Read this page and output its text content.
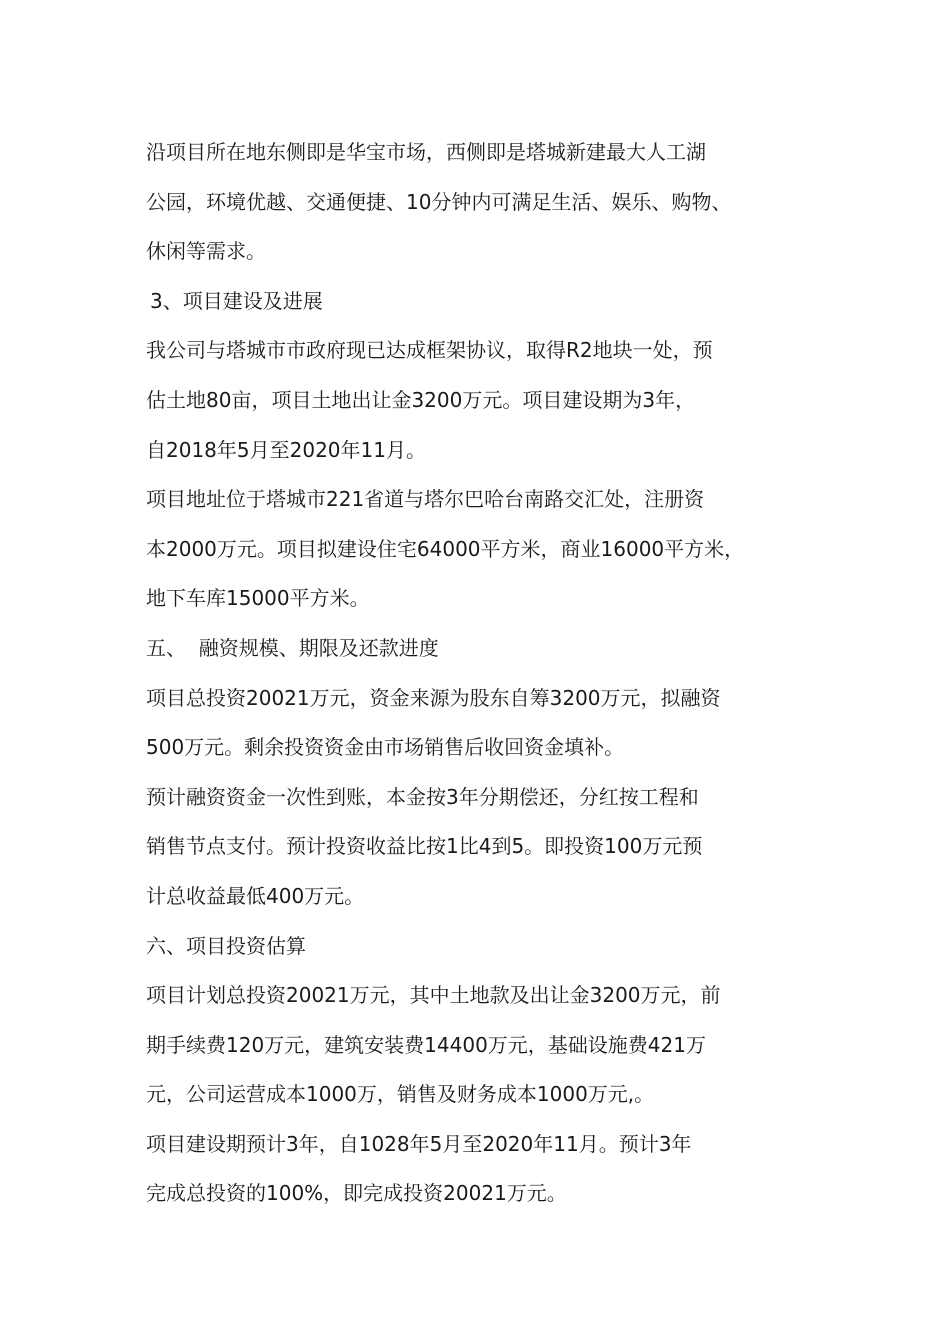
沿项目所在地东侧即是华宝市场，西侧即是塔城新建最大人工湖
公园，环境优越、交通便捷、10分钟内可满足生活、娱乐、购物、
休闲等需求。
3、项目建设及进展
我公司与塔城市市政府现已达成框架协议，取得R2地块一处，预
估土地80亩，项目土地出让金3200万元。项目建设期为3年，
自2018年5月至2020年11月。
项目地址位于塔城市221省道与塔尔巴哈台南路交汇处，注册资
本2000万元。项目拟建设住宅64000平方米，商业16000平方米，
地下车库15000平方米。
五、  融资规模、期限及还款进度
项目总投资20021万元，资金来源为股东自筹3200万元，拟融资
500万元。剩余投资资金由市场销售后收回资金填补。
预计融资资金一次性到账，本金按3年分期偿还，分红按工程和
销售节点支付。预计投资收益比按1比4到5。即投资100万元预
计总收益最低400万元。
六、项目投资估算
项目计划总投资20021万元，其中土地款及出让金3200万元，前
期手续费120万元，建筑安装费14400万元，基础设施费421万
元，公司运营成本1000万，销售及财务成本1000万元,。
项目建设期预计3年，自1028年5月至2020年11月。预计3年
完成总投资的100%，即完成投资20021万元。
